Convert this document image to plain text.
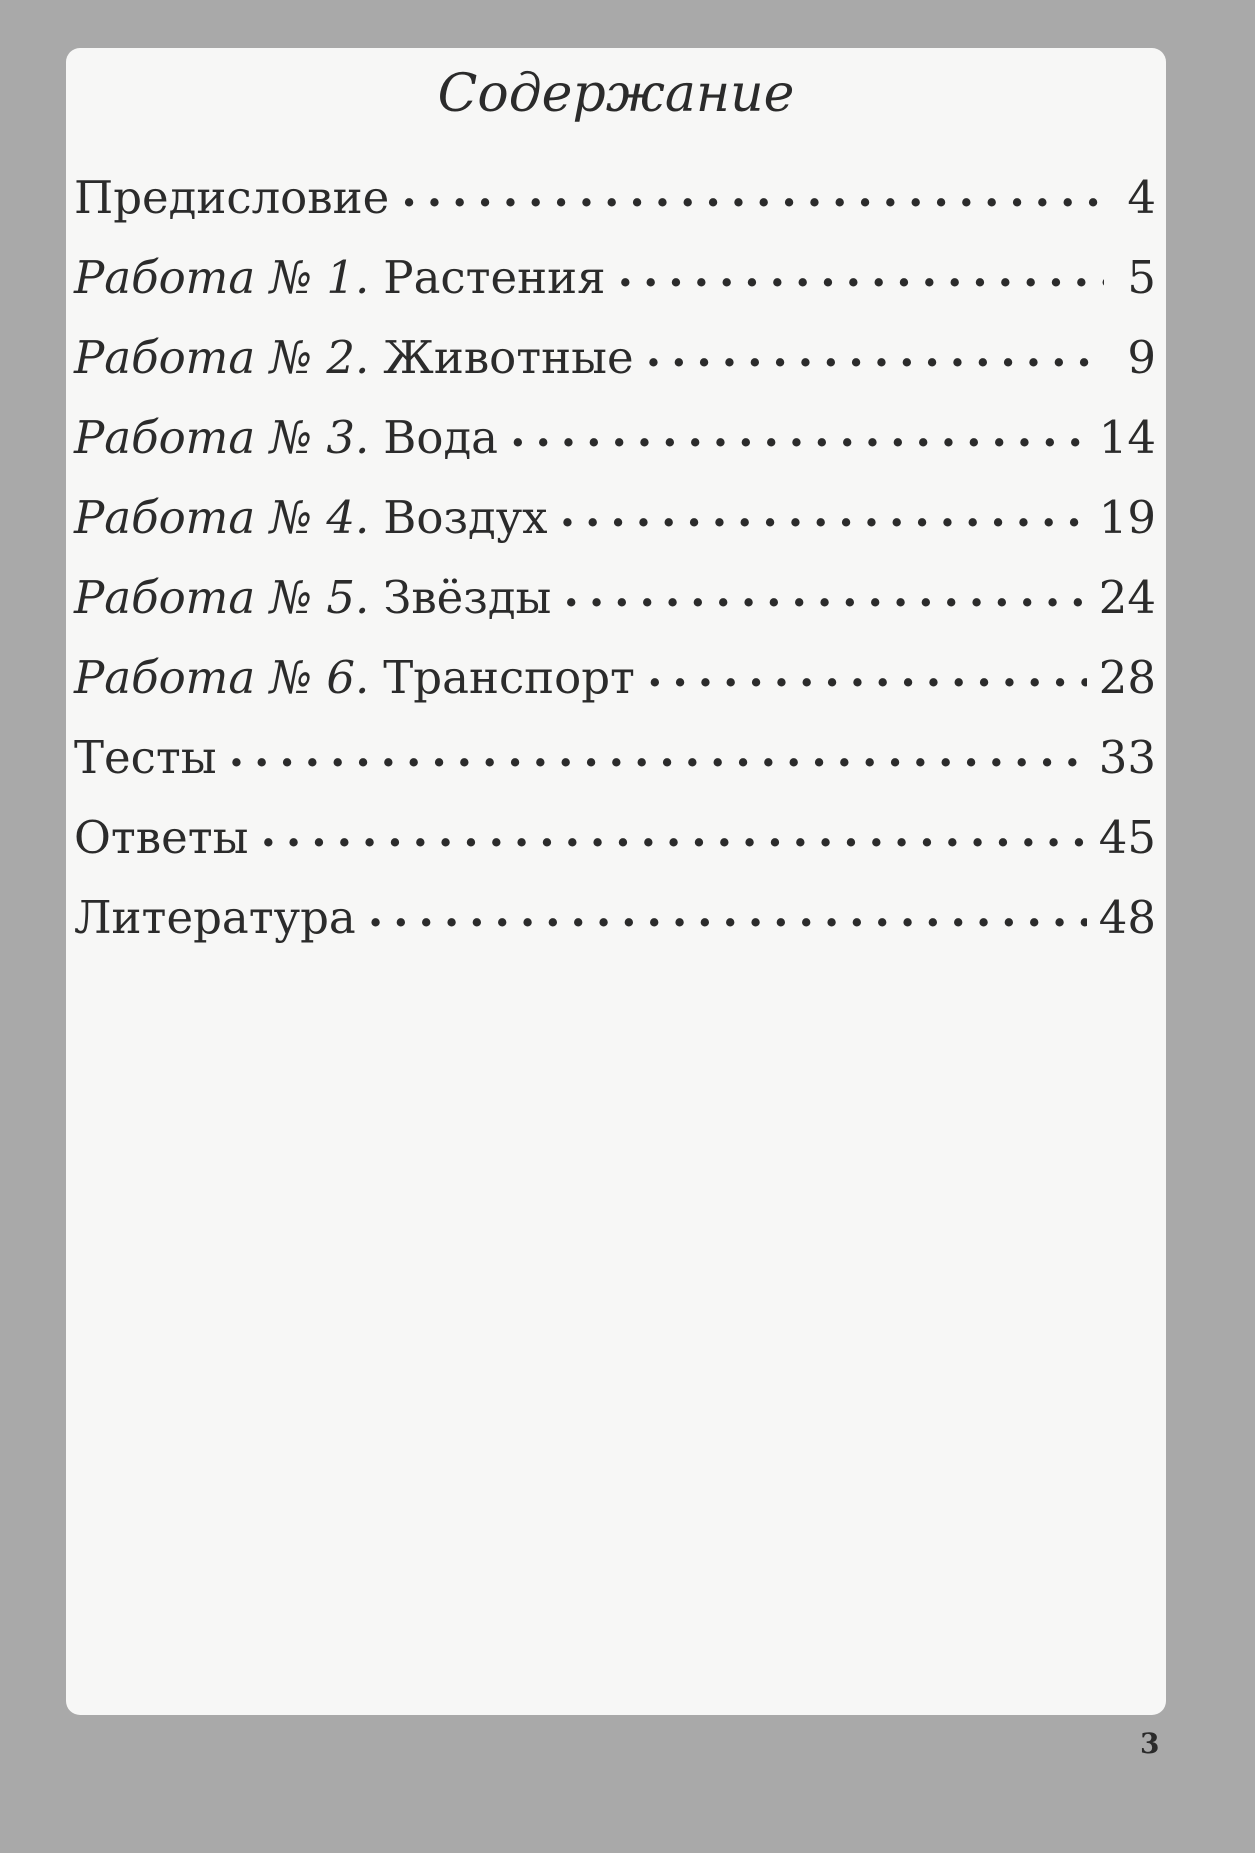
Содержание
Предисловие . . .	4
Работа № 1. Растения . . .	5
Работа № 2. Животные . . .	9
Работа № 3. Вода . . .	14
Работа № 4. Воздух . . .	19
Работа № 5. Звёзды . . .	24
Работа № 6. Транспорт . . .	28
Тесты . . .	33
Ответы . . .	45
Литература . . .	48
3
